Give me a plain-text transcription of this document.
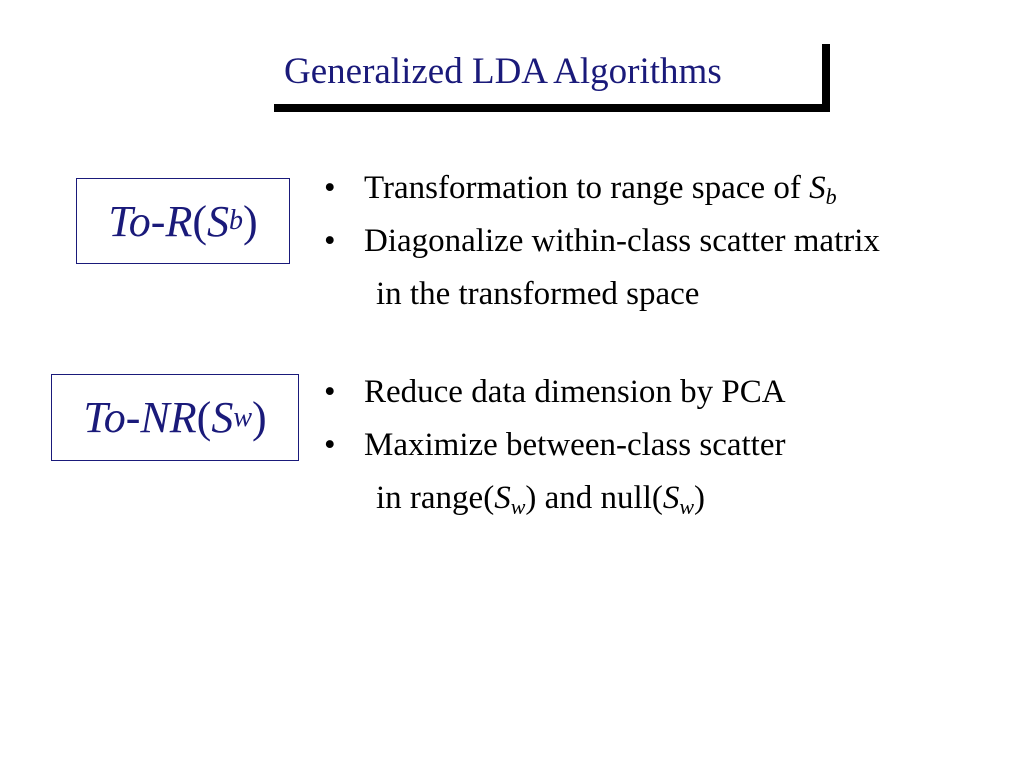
Generalized LDA Algorithms
To - R ( S b )
• Transformation to range space of $S_b$
• Diagonalize within-class scatter matrix
in the transformed space
To - NR ( S w )
• Reduce data dimension by PCA
• Maximize between-class scatter
in $range(S_w)$ and $null(S_w)$
